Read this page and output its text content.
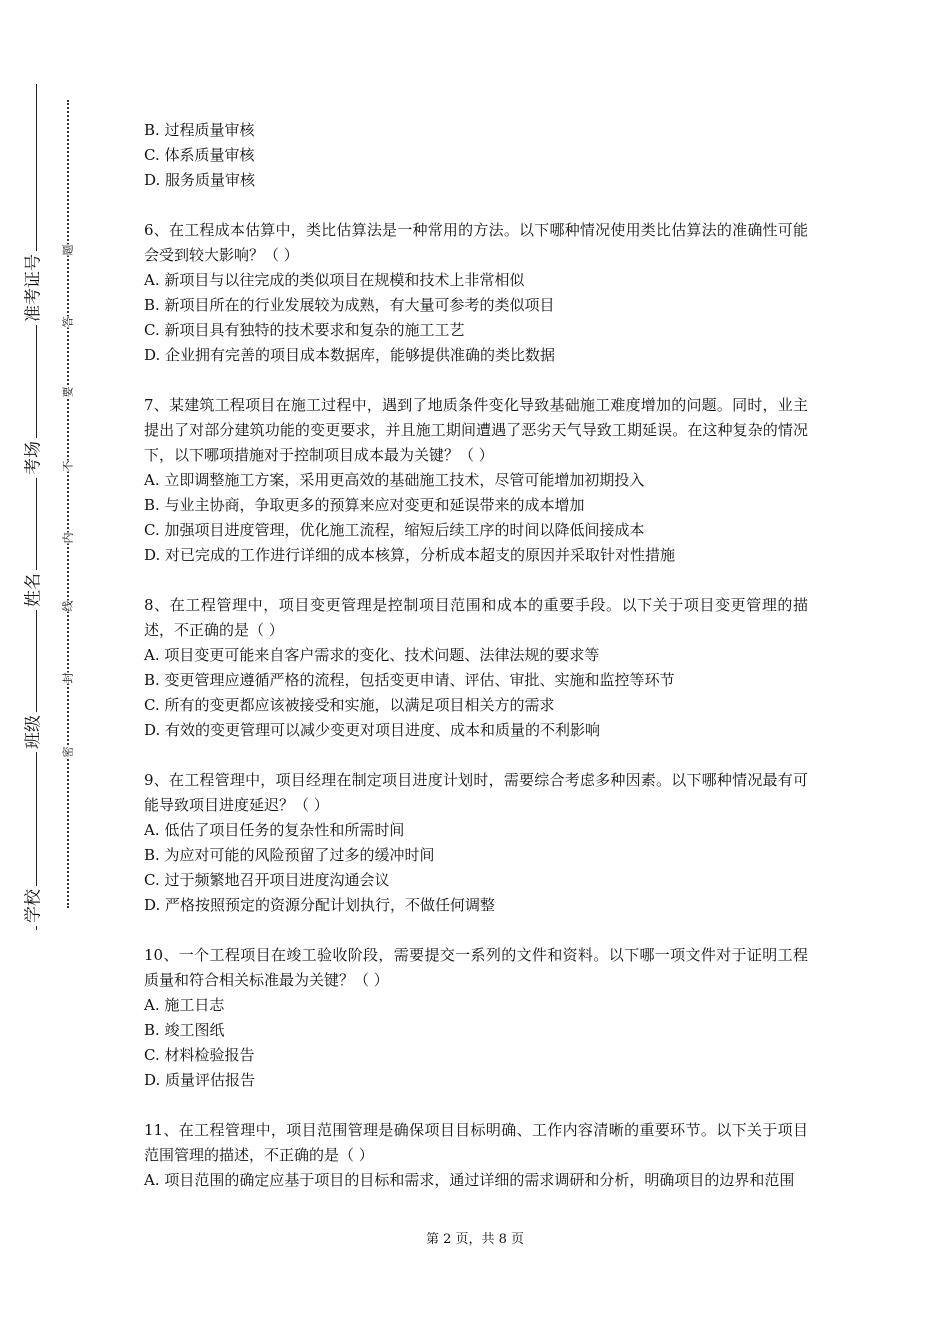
准考证号
考场
姓名
班级
学校
题
答
要
不
内
线
封
密

B. 过程质量审核

C. 体系质量审核

D. 服务质量审核

6、在工程成本估算中，类比估算法是一种常用的方法。以下哪种情况使用类比估算法的准确性可能会受到较大影响？（ ）

A. 新项目与以往完成的类似项目在规模和技术上非常相似

B. 新项目所在的行业发展较为成熟，有大量可参考的类似项目

C. 新项目具有独特的技术要求和复杂的施工工艺

D. 企业拥有完善的项目成本数据库，能够提供准确的类比数据

7、某建筑工程项目在施工过程中，遇到了地质条件变化导致基础施工难度增加的问题。同时，业主提出了对部分建筑功能的变更要求，并且施工期间遭遇了恶劣天气导致工期延误。在这种复杂的情况下，以下哪项措施对于控制项目成本最为关键？（ ）

A. 立即调整施工方案，采用更高效的基础施工技术，尽管可能增加初期投入

B. 与业主协商，争取更多的预算来应对变更和延误带来的成本增加

C. 加强项目进度管理，优化施工流程，缩短后续工序的时间以降低间接成本

D. 对已完成的工作进行详细的成本核算，分析成本超支的原因并采取针对性措施

8、在工程管理中，项目变更管理是控制项目范围和成本的重要手段。以下关于项目变更管理的描述，不正确的是（ ）

A. 项目变更可能来自客户需求的变化、技术问题、法律法规的要求等

B. 变更管理应遵循严格的流程，包括变更申请、评估、审批、实施和监控等环节

C. 所有的变更都应该被接受和实施，以满足项目相关方的需求

D. 有效的变更管理可以减少变更对项目进度、成本和质量的不利影响

9、在工程管理中，项目经理在制定项目进度计划时，需要综合考虑多种因素。以下哪种情况最有可能导致项目进度延迟？（ ）

A. 低估了项目任务的复杂性和所需时间

B. 为应对可能的风险预留了过多的缓冲时间

C. 过于频繁地召开项目进度沟通会议

D. 严格按照预定的资源分配计划执行，不做任何调整

10、一个工程项目在竣工验收阶段，需要提交一系列的文件和资料。以下哪一项文件对于证明工程质量和符合相关标准最为关键？（ ）

A. 施工日志

B. 竣工图纸

C. 材料检验报告

D. 质量评估报告

11、在工程管理中，项目范围管理是确保项目目标明确、工作内容清晰的重要环节。以下关于项目范围管理的描述，不正确的是（ ）

A. 项目范围的确定应基于项目的目标和需求，通过详细的需求调研和分析，明确项目的边界和范围

第 2 页，共 8 页
